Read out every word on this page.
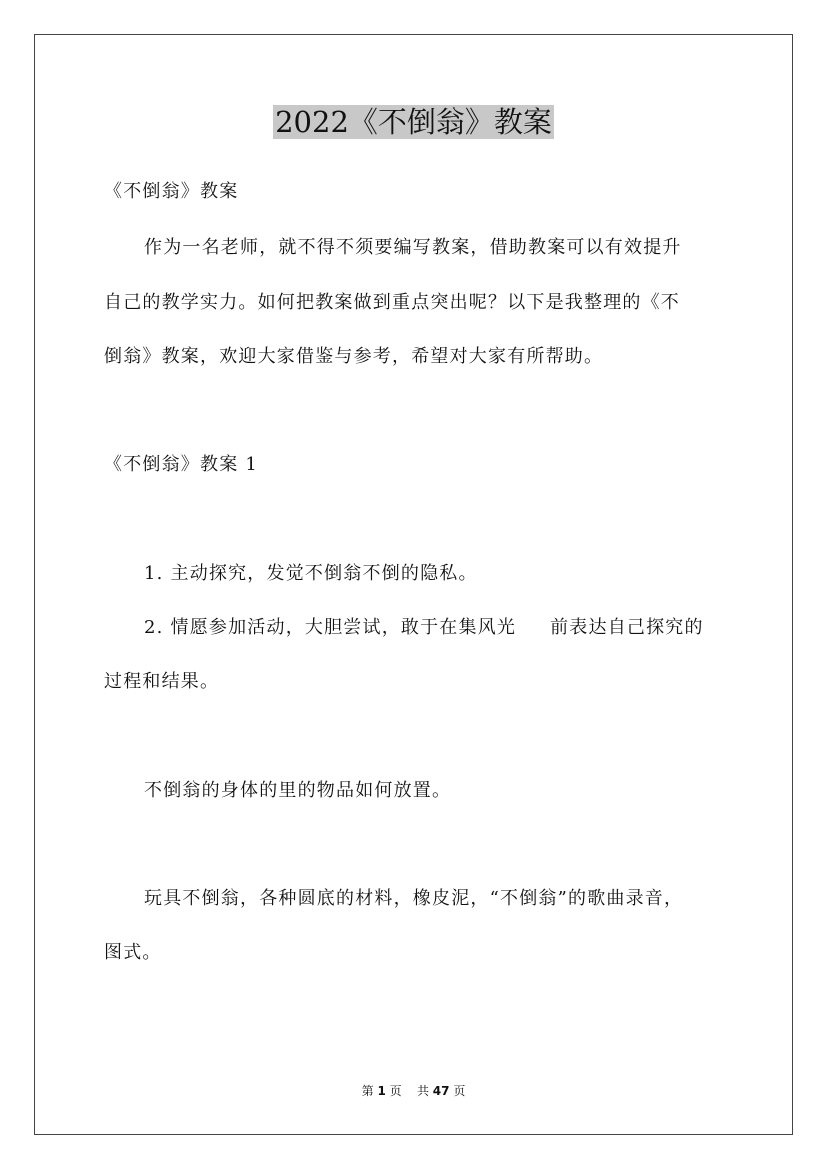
2022《不倒翁》教案
《不倒翁》教案
作为一名老师，就不得不须要编写教案，借助教案可以有效提升
自己的教学实力。如何把教案做到重点突出呢？以下是我整理的《不
倒翁》教案，欢迎大家借鉴与参考，希望对大家有所帮助。
《不倒翁》教案 1
1. 主动探究，发觉不倒翁不倒的隐私。
2. 情愿参加活动，大胆尝试，敢于在集风光 前表达自己探究的
过程和结果。
不倒翁的身体的里的物品如何放置。
玩具不倒翁，各种圆底的材料，橡皮泥，“不倒翁”的歌曲录音，
图式。
第 1 页 共 47 页
